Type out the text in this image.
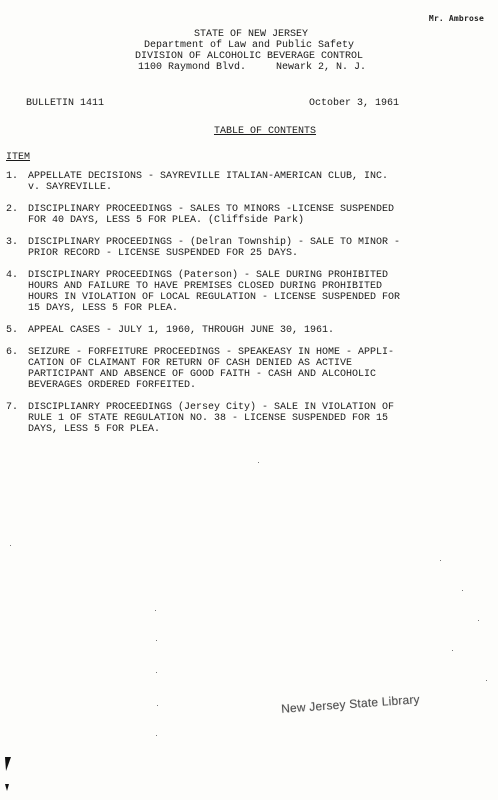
Mr. Ambrose
STATE OF NEW JERSEY
Department of Law and Public Safety
DIVISION OF ALCOHOLIC BEVERAGE CONTROL
1100 Raymond Blvd.     Newark 2, N. J.
BULLETIN 1411	October 3, 1961
TABLE OF CONTENTS
ITEM
1. APPELLATE DECISIONS - SAYREVILLE ITALIAN-AMERICAN CLUB, INC.
v. SAYREVILLE.
2. DISCIPLINARY PROCEEDINGS - SALES TO MINORS -LICENSE SUSPENDED
FOR 40 DAYS, LESS 5 FOR PLEA. (Cliffside Park)
3. DISCIPLINARY PROCEEDINGS - (Delran Township) - SALE TO MINOR -
PRIOR RECORD - LICENSE SUSPENDED FOR 25 DAYS.
4. DISCIPLINARY PROCEEDINGS (Paterson) - SALE DURING PROHIBITED
HOURS AND FAILURE TO HAVE PREMISES CLOSED DURING PROHIBITED
HOURS IN VIOLATION OF LOCAL REGULATION - LICENSE SUSPENDED FOR
15 DAYS, LESS 5 FOR PLEA.
5. APPEAL CASES - JULY 1, 1960, THROUGH JUNE 30, 1961.
6. SEIZURE - FORFEITURE PROCEEDINGS - SPEAKEASY IN HOME - APPLI-
CATION OF CLAIMANT FOR RETURN OF CASH DENIED AS ACTIVE
PARTICIPANT AND ABSENCE OF GOOD FAITH - CASH AND ALCOHOLIC
BEVERAGES ORDERED FORFEITED.
7. DISCIPLIANRY PROCEEDINGS (Jersey City) - SALE IN VIOLATION OF
RULE 1 OF STATE REGULATION NO. 38 - LICENSE SUSPENDED FOR 15
DAYS, LESS 5 FOR PLEA.
New Jersey State Library
